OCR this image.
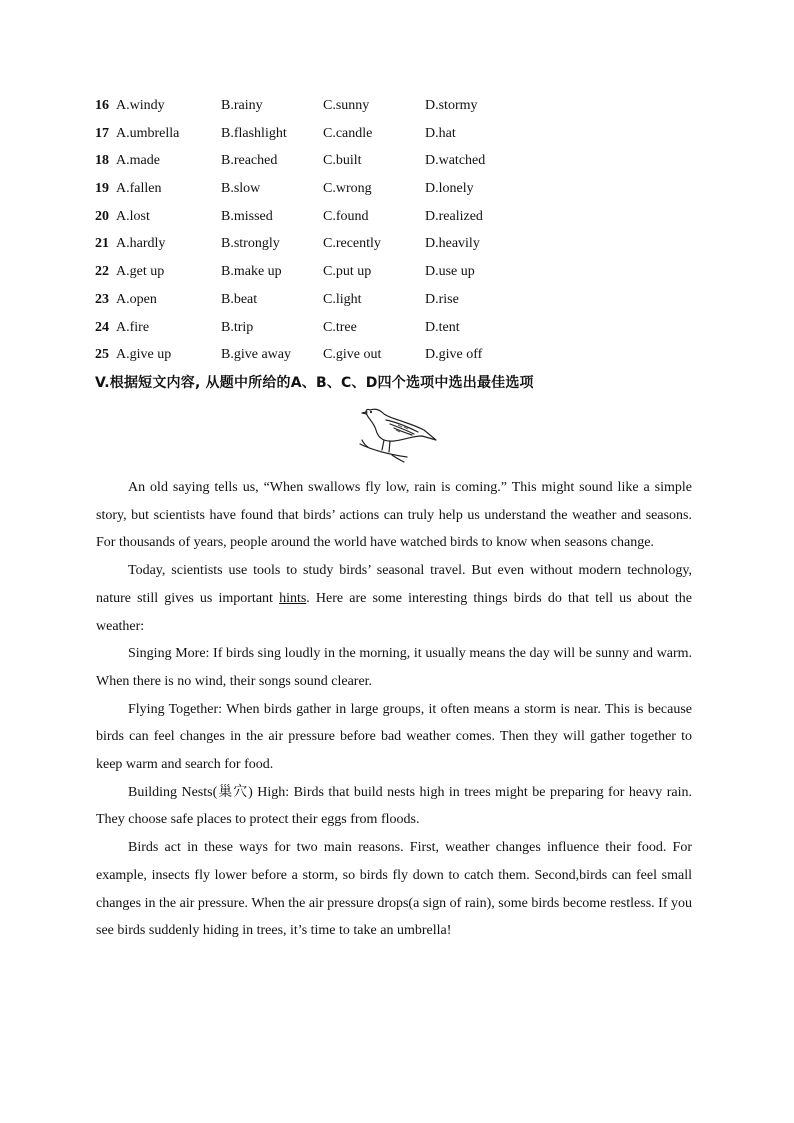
16 A.windy	B.rainy	C.sunny	D.stormy
17 A.umbrella	B.flashlight	C.candle	D.hat
18 A.made	B.reached	C.built	D.watched
19 A.fallen	B.slow	C.wrong	D.lonely
20 A.lost	B.missed	C.found	D.realized
21 A.hardly	B.strongly	C.recently	D.heavily
22 A.get up	B.make up	C.put up	D.use up
23 A.open	B.beat	C.light	D.rise
24 A.fire	B.trip	C.tree	D.tent
25 A.give up	B.give away C.give out	D.give off
V.根据短文内容, 从题中所给的A、B、C、D四个选项中选出最佳选项

An old saying tells us, “When swallows fly low, rain is coming.” This might sound like a simple story, but scientists have found that birds’ actions can truly help us understand the weather and seasons. For thousands of years, people around the world have watched birds to know when seasons change.

Today, scientists use tools to study birds’ seasonal travel. But even without modern technology, nature still gives us important hints. Here are some interesting things birds do that tell us about the weather:

Singing More: If birds sing loudly in the morning, it usually means the day will be sunny and warm. When there is no wind, their songs sound clearer.

Flying Together: When birds gather in large groups, it often means a storm is near. This is because birds can feel changes in the air pressure before bad weather comes. Then they will gather together to keep warm and search for food.

Building Nests(巢穴) High: Birds that build nests high in trees might be preparing for heavy rain. They choose safe places to protect their eggs from floods.

Birds act in these ways for two main reasons. First, weather changes influence their food. For example, insects fly lower before a storm, so birds fly down to catch them. Second,birds can feel small changes in the air pressure. When the air pressure drops(a sign of rain), some birds become restless. If you see birds suddenly hiding in trees, it’s time to take an umbrella!
